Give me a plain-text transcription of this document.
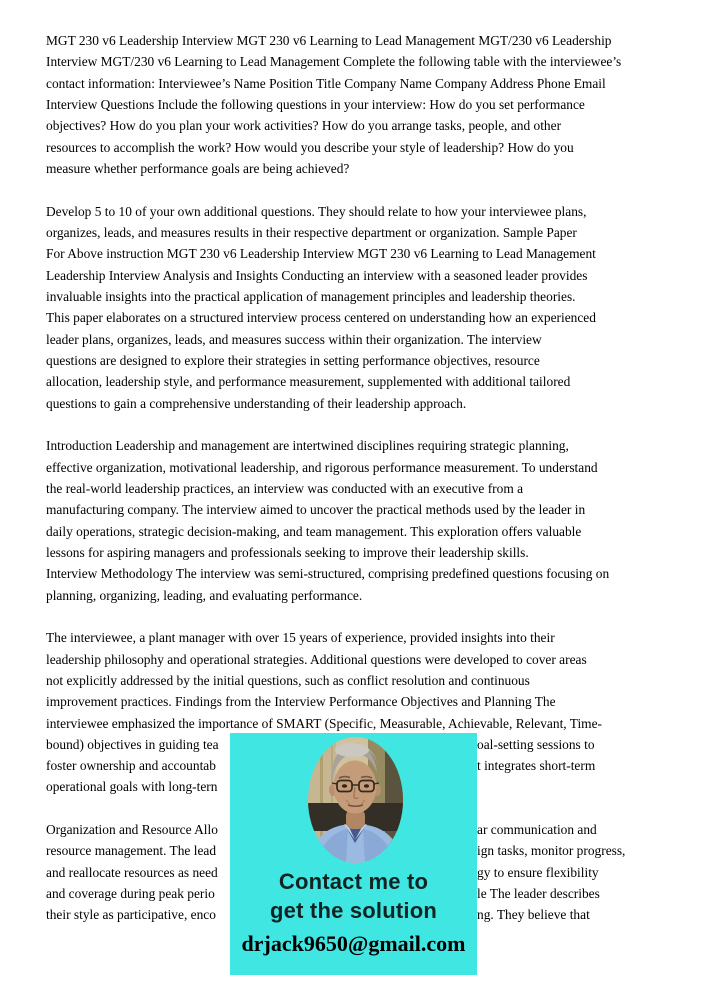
MGT 230 v6 Leadership Interview MGT 230 v6 Learning to Lead Management MGT/230 v6 Leadership
Interview MGT/230 v6 Learning to Lead Management Complete the following table with the interviewee’s
contact information: Interviewee’s Name Position Title Company Name Company Address Phone Email
Interview Questions Include the following questions in your interview: How do you set performance
objectives? How do you plan your work activities? How do you arrange tasks, people, and other
resources to accomplish the work? How would you describe your style of leadership? How do you
measure whether performance goals are being achieved?
Develop 5 to 10 of your own additional questions. They should relate to how your interviewee plans,
organizes, leads, and measures results in their respective department or organization. Sample Paper
For Above instruction MGT 230 v6 Leadership Interview MGT 230 v6 Learning to Lead Management
Leadership Interview Analysis and Insights Conducting an interview with a seasoned leader provides
invaluable insights into the practical application of management principles and leadership theories.
This paper elaborates on a structured interview process centered on understanding how an experienced
leader plans, organizes, leads, and measures success within their organization. The interview
questions are designed to explore their strategies in setting performance objectives, resource
allocation, leadership style, and performance measurement, supplemented with additional tailored
questions to gain a comprehensive understanding of their leadership approach.
Introduction Leadership and management are intertwined disciplines requiring strategic planning,
effective organization, motivational leadership, and rigorous performance measurement. To understand
the real-world leadership practices, an interview was conducted with an executive from a
manufacturing company. The interview aimed to uncover the practical methods used by the leader in
daily operations, strategic decision-making, and team management. This exploration offers valuable
lessons for aspiring managers and professionals seeking to improve their leadership skills.
Interview Methodology The interview was semi-structured, comprising predefined questions focusing on
planning, organizing, leading, and evaluating performance.
The interviewee, a plant manager with over 15 years of experience, provided insights into their
leadership philosophy and operational strategies. Additional questions were developed to cover areas
not explicitly addressed by the initial questions, such as conflict resolution and continuous
improvement practices. Findings from the Interview Performance Objectives and Planning The
interviewee emphasized the importance of SMART (Specific, Measurable, Achievable, Relevant, Time-
bound) objectives in guiding tea	oal-setting sessions to
foster ownership and accountab	t integrates short-term
operational goals with long-tern
Organization and Resource Allo	ar communication and
resource management. The lead	ign tasks, monitor progress,
and reallocate resources as need	gy to ensure flexibility
and coverage during peak perio	le The leader describes
their style as participative, enco	ng. They believe that
Contact me to
get the solution
drjack9650@gmail.com
